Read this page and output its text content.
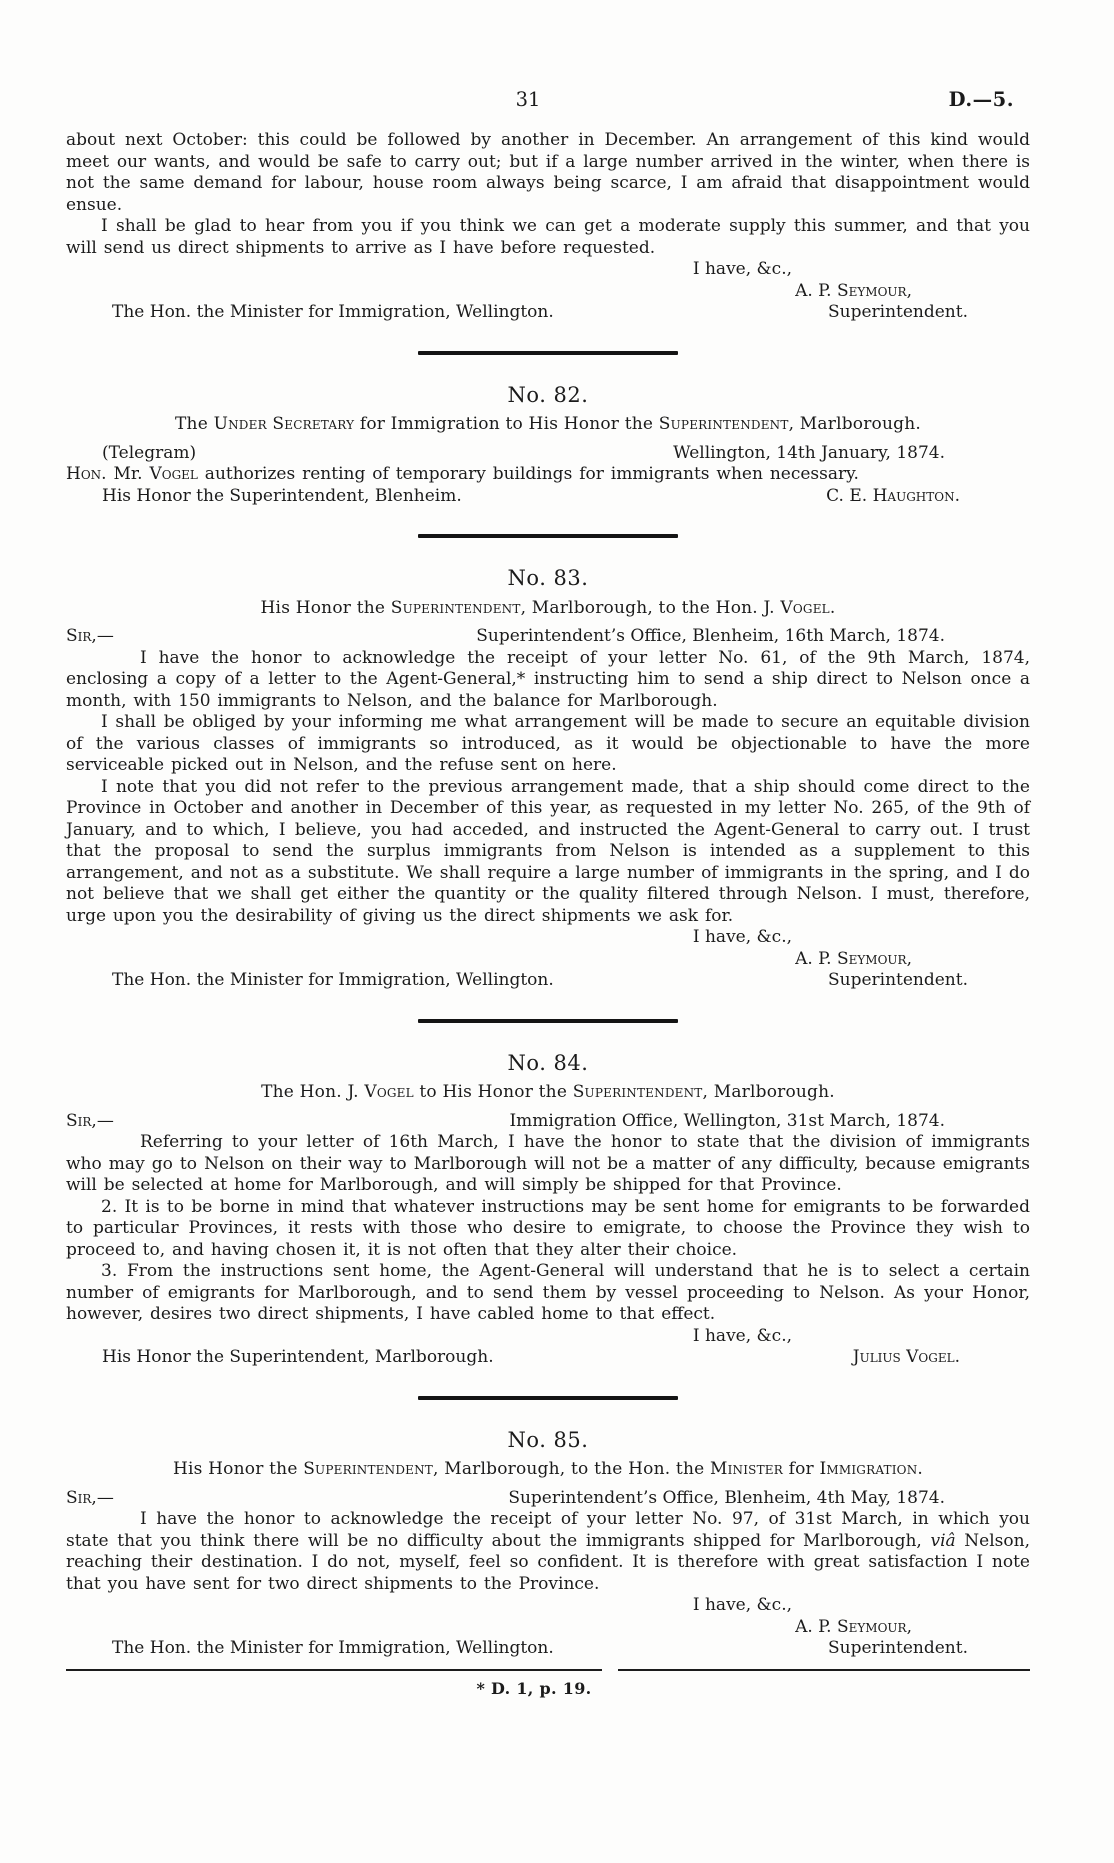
31	D.—5.

about next October: this could be followed by another in December. An arrangement of this kind would meet our wants, and would be safe to carry out; but if a large number arrived in the winter, when there is not the same demand for labour, house room always being scarce, I am afraid that disappointment would ensue.

I shall be glad to hear from you if you think we can get a moderate supply this summer, and that you will send us direct shipments to arrive as I have before requested.

I have, &c.,
A. P. Seymour,
The Hon. the Minister for Immigration, Wellington.	Superintendent.
No. 82.
The Under Secretary for Immigration to His Honor the Superintendent, Marlborough.
(Telegram)	Wellington, 14th January, 1874.

Hon. Mr. Vogel authorizes renting of temporary buildings for immigrants when necessary.

His Honor the Superintendent, Blenheim.	C. E. Haughton.
No. 83.
His Honor the Superintendent, Marlborough, to the Hon. J. Vogel.
Sir,—	Superintendent’s Office, Blenheim, 16th March, 1874.

I have the honor to acknowledge the receipt of your letter No. 61, of the 9th March, 1874, enclosing a copy of a letter to the Agent-General,* instructing him to send a ship direct to Nelson once a month, with 150 immigrants to Nelson, and the balance for Marlborough.

I shall be obliged by your informing me what arrangement will be made to secure an equitable division of the various classes of immigrants so introduced, as it would be objectionable to have the more serviceable picked out in Nelson, and the refuse sent on here.

I note that you did not refer to the previous arrangement made, that a ship should come direct to the Province in October and another in December of this year, as requested in my letter No. 265, of the 9th of January, and to which, I believe, you had acceded, and instructed the Agent-General to carry out. I trust that the proposal to send the surplus immigrants from Nelson is intended as a supplement to this arrangement, and not as a substitute. We shall require a large number of immigrants in the spring, and I do not believe that we shall get either the quantity or the quality filtered through Nelson. I must, therefore, urge upon you the desirability of giving us the direct shipments we ask for.

I have, &c.,
A. P. Seymour,
The Hon. the Minister for Immigration, Wellington.	Superintendent.
No. 84.
The Hon. J. Vogel to His Honor the Superintendent, Marlborough.
Sir,—	Immigration Office, Wellington, 31st March, 1874.

Referring to your letter of 16th March, I have the honor to state that the division of immigrants who may go to Nelson on their way to Marlborough will not be a matter of any difficulty, because emigrants will be selected at home for Marlborough, and will simply be shipped for that Province.

2. It is to be borne in mind that whatever instructions may be sent home for emigrants to be forwarded to particular Provinces, it rests with those who desire to emigrate, to choose the Province they wish to proceed to, and having chosen it, it is not often that they alter their choice.

3. From the instructions sent home, the Agent-General will understand that he is to select a certain number of emigrants for Marlborough, and to send them by vessel proceeding to Nelson. As your Honor, however, desires two direct shipments, I have cabled home to that effect.

I have, &c.,
His Honor the Superintendent, Marlborough.	Julius Vogel.
No. 85.
His Honor the Superintendent, Marlborough, to the Hon. the Minister for Immigration.
Sir,—	Superintendent’s Office, Blenheim, 4th May, 1874.

I have the honor to acknowledge the receipt of your letter No. 97, of 31st March, in which you state that you think there will be no difficulty about the immigrants shipped for Marlborough, viâ Nelson, reaching their destination. I do not, myself, feel so confident. It is therefore with great satisfaction I note that you have sent for two direct shipments to the Province.

I have, &c.,
A. P. Seymour,
The Hon. the Minister for Immigration, Wellington.	Superintendent.
* D. 1, p. 19.
